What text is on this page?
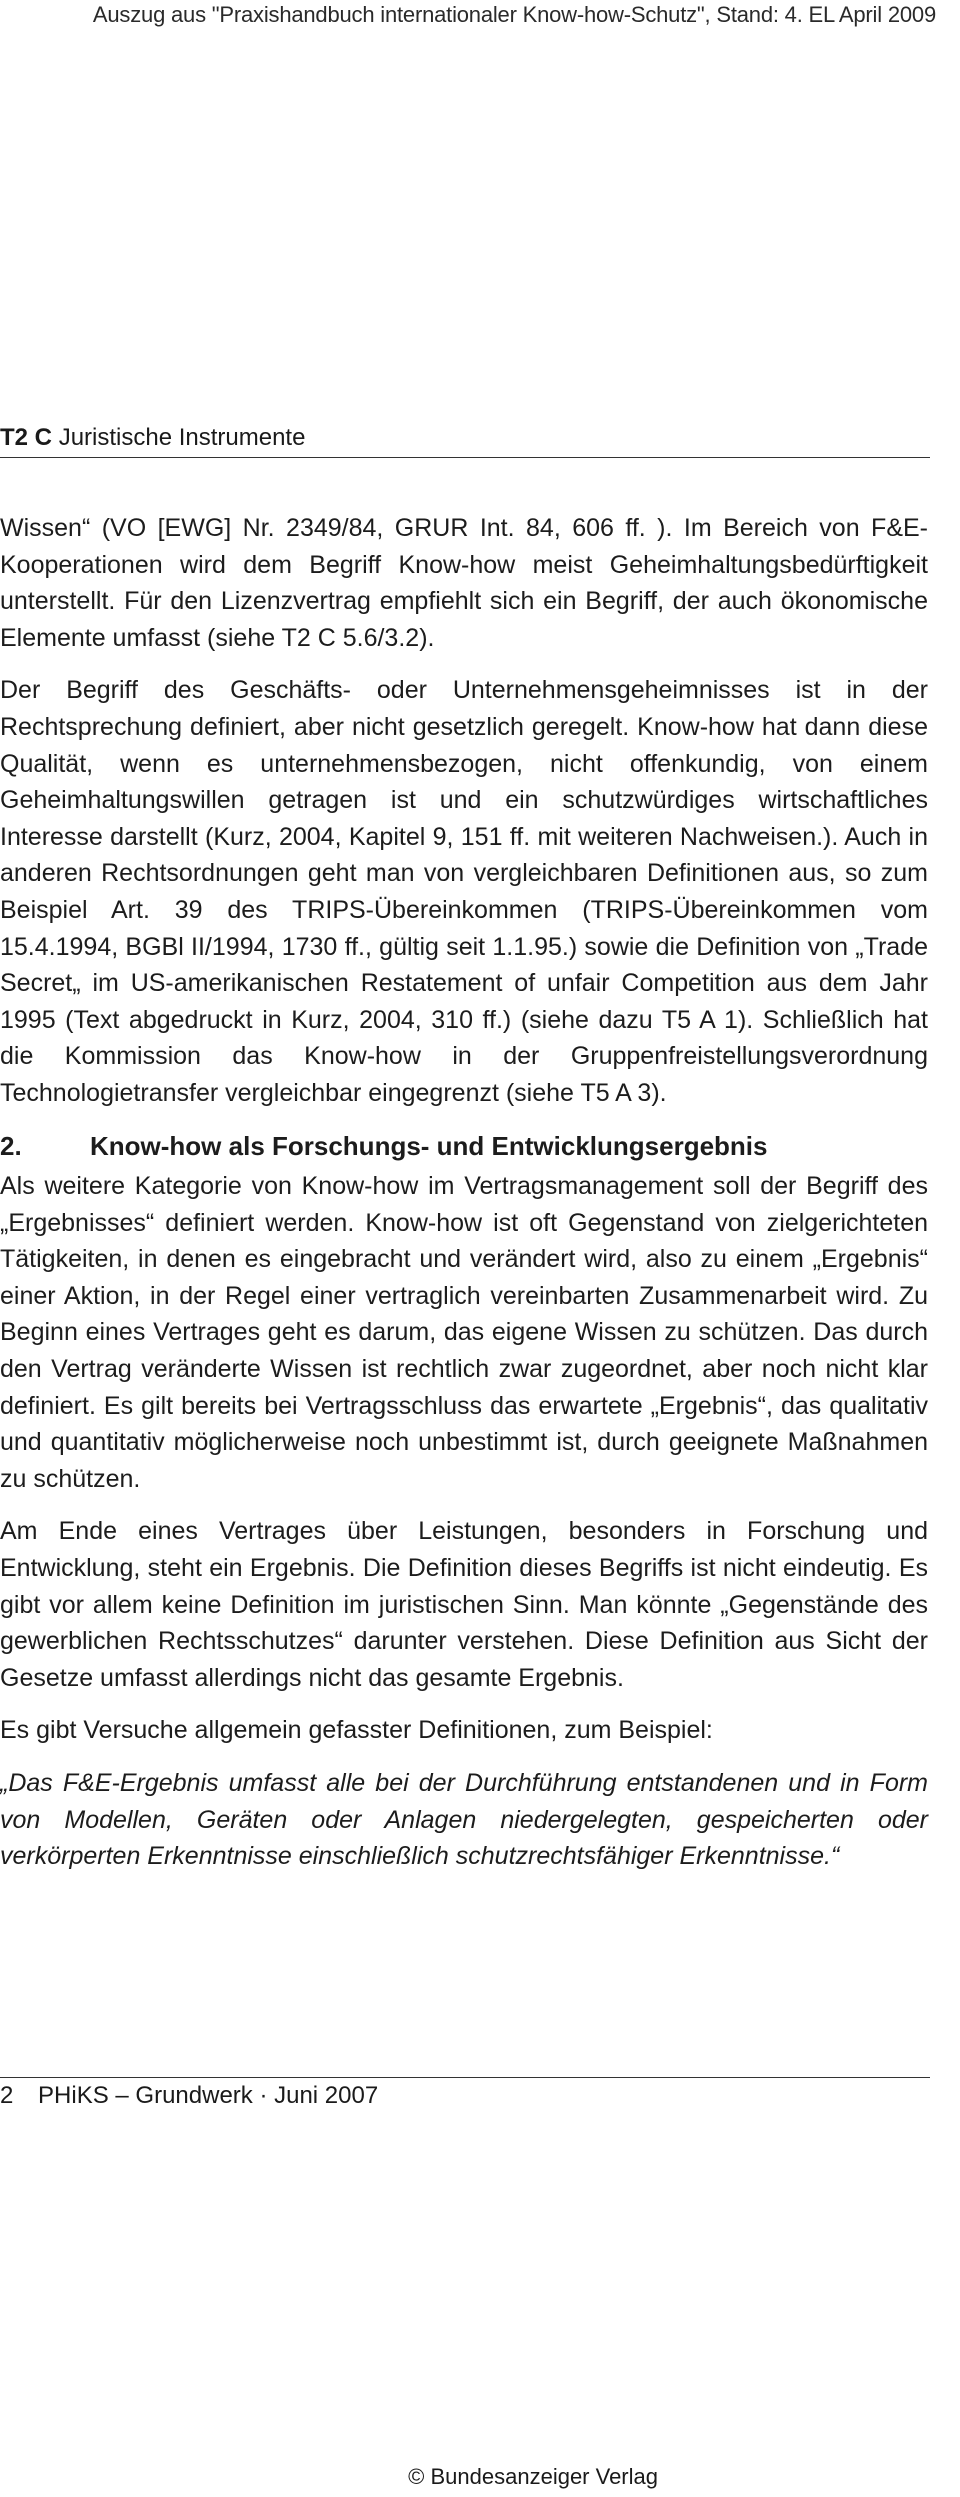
Auszug aus "Praxishandbuch internationaler Know-how-Schutz", Stand: 4. EL April 2009
T2 C Juristische Instrumente

Wissen“ (VO [EWG] Nr. 2349/84, GRUR Int. 84, 606 ff. ). Im Bereich von F&E-Kooperationen wird dem Begriff Know-how meist Geheimhaltungsbedürftigkeit unterstellt. Für den Lizenzvertrag empfiehlt sich ein Begriff, der auch ökonomische Elemente umfasst (siehe T2 C 5.6/3.2).

Der Begriff des Geschäfts- oder Unternehmensgeheimnisses ist in der Rechtsprechung definiert, aber nicht gesetzlich geregelt. Know-how hat dann diese Qualität, wenn es unternehmensbezogen, nicht offenkundig, von einem Geheimhaltungswillen getragen ist und ein schutzwürdiges wirtschaftliches Interesse darstellt (Kurz, 2004, Kapitel 9, 151 ff. mit weiteren Nachweisen.). Auch in anderen Rechtsordnungen geht man von vergleichbaren Definitionen aus, so zum Beispiel Art. 39 des TRIPS-Übereinkommen (TRIPS-Übereinkommen vom 15.4.1994, BGBl II/1994, 1730 ff., gültig seit 1.1.95.) sowie die Definition von „Trade Secret„ im US-amerikanischen Restatement of unfair Competition aus dem Jahr 1995 (Text abgedruckt in Kurz, 2004, 310 ff.) (siehe dazu T5 A 1). Schließlich hat die Kommission das Know-how in der Gruppenfreistellungsverordnung Technologietransfer vergleichbar eingegrenzt (siehe T5 A 3).

2.	Know-how als Forschungs- und Entwicklungsergebnis

Als weitere Kategorie von Know-how im Vertragsmanagement soll der Begriff des „Ergebnisses“ definiert werden. Know-how ist oft Gegenstand von zielgerichteten Tätigkeiten, in denen es eingebracht und verändert wird, also zu einem „Ergebnis“ einer Aktion, in der Regel einer vertraglich vereinbarten Zusammenarbeit wird. Zu Beginn eines Vertrages geht es darum, das eigene Wissen zu schützen. Das durch den Vertrag veränderte Wissen ist rechtlich zwar zugeordnet, aber noch nicht klar definiert. Es gilt bereits bei Vertragsschluss das erwartete „Ergebnis“, das qualitativ und quantitativ möglicherweise noch unbestimmt ist, durch geeignete Maßnahmen zu schützen.

Am Ende eines Vertrages über Leistungen, besonders in Forschung und Entwicklung, steht ein Ergebnis. Die Definition dieses Begriffs ist nicht eindeutig. Es gibt vor allem keine Definition im juristischen Sinn. Man könnte „Gegenstände des gewerblichen Rechtsschutzes“ darunter verstehen. Diese Definition aus Sicht der Gesetze umfasst allerdings nicht das gesamte Ergebnis.

Es gibt Versuche allgemein gefasster Definitionen, zum Beispiel:

„Das F&E-Ergebnis umfasst alle bei der Durchführung entstandenen und in Form von Modellen, Geräten oder Anlagen niedergelegten, gespeicherten oder verkörperten Erkenntnisse einschließlich schutzrechtsfähiger Erkenntnisse.“

2 PHiKS – Grundwerk · Juni 2007
© Bundesanzeiger Verlag
